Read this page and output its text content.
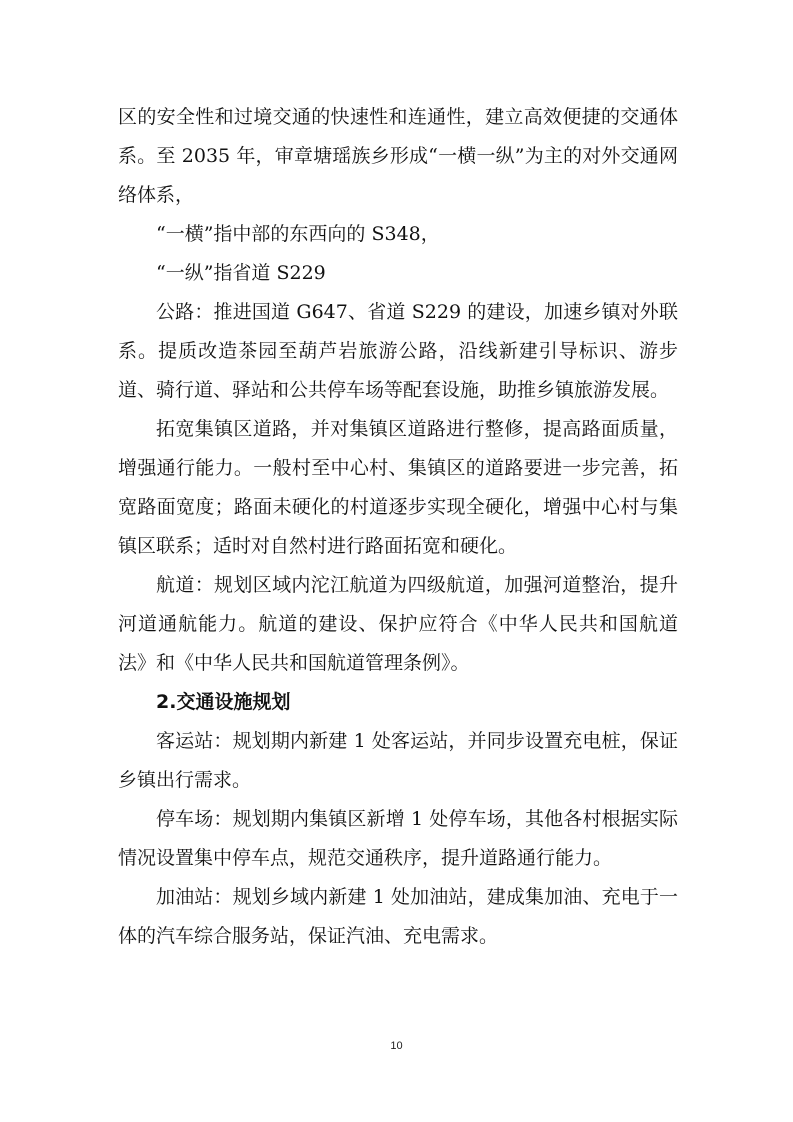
区的安全性和过境交通的快速性和连通性，建立高效便捷的交通体系。至 2035 年，审章塘瑶族乡形成“一横一纵”为主的对外交通网络体系，

“一横”指中部的东西向的 S348，

“一纵”指省道 S229

公路：推进国道 G647、省道 S229 的建设，加速乡镇对外联系。提质改造茶园至葫芦岩旅游公路，沿线新建引导标识、游步道、骑行道、驿站和公共停车场等配套设施，助推乡镇旅游发展。

拓宽集镇区道路，并对集镇区道路进行整修，提高路面质量，增强通行能力。一般村至中心村、集镇区的道路要进一步完善，拓宽路面宽度；路面未硬化的村道逐步实现全硬化，增强中心村与集镇区联系；适时对自然村进行路面拓宽和硬化。

航道：规划区域内沱江航道为四级航道，加强河道整治，提升河道通航能力。航道的建设、保护应符合《中华人民共和国航道法》和《中华人民共和国航道管理条例》。

2.交通设施规划

客运站：规划期内新建 1 处客运站，并同步设置充电桩，保证乡镇出行需求。

停车场：规划期内集镇区新增 1 处停车场，其他各村根据实际情况设置集中停车点，规范交通秩序，提升道路通行能力。

加油站：规划乡域内新建 1 处加油站，建成集加油、充电于一体的汽车综合服务站，保证汽油、充电需求。

10
